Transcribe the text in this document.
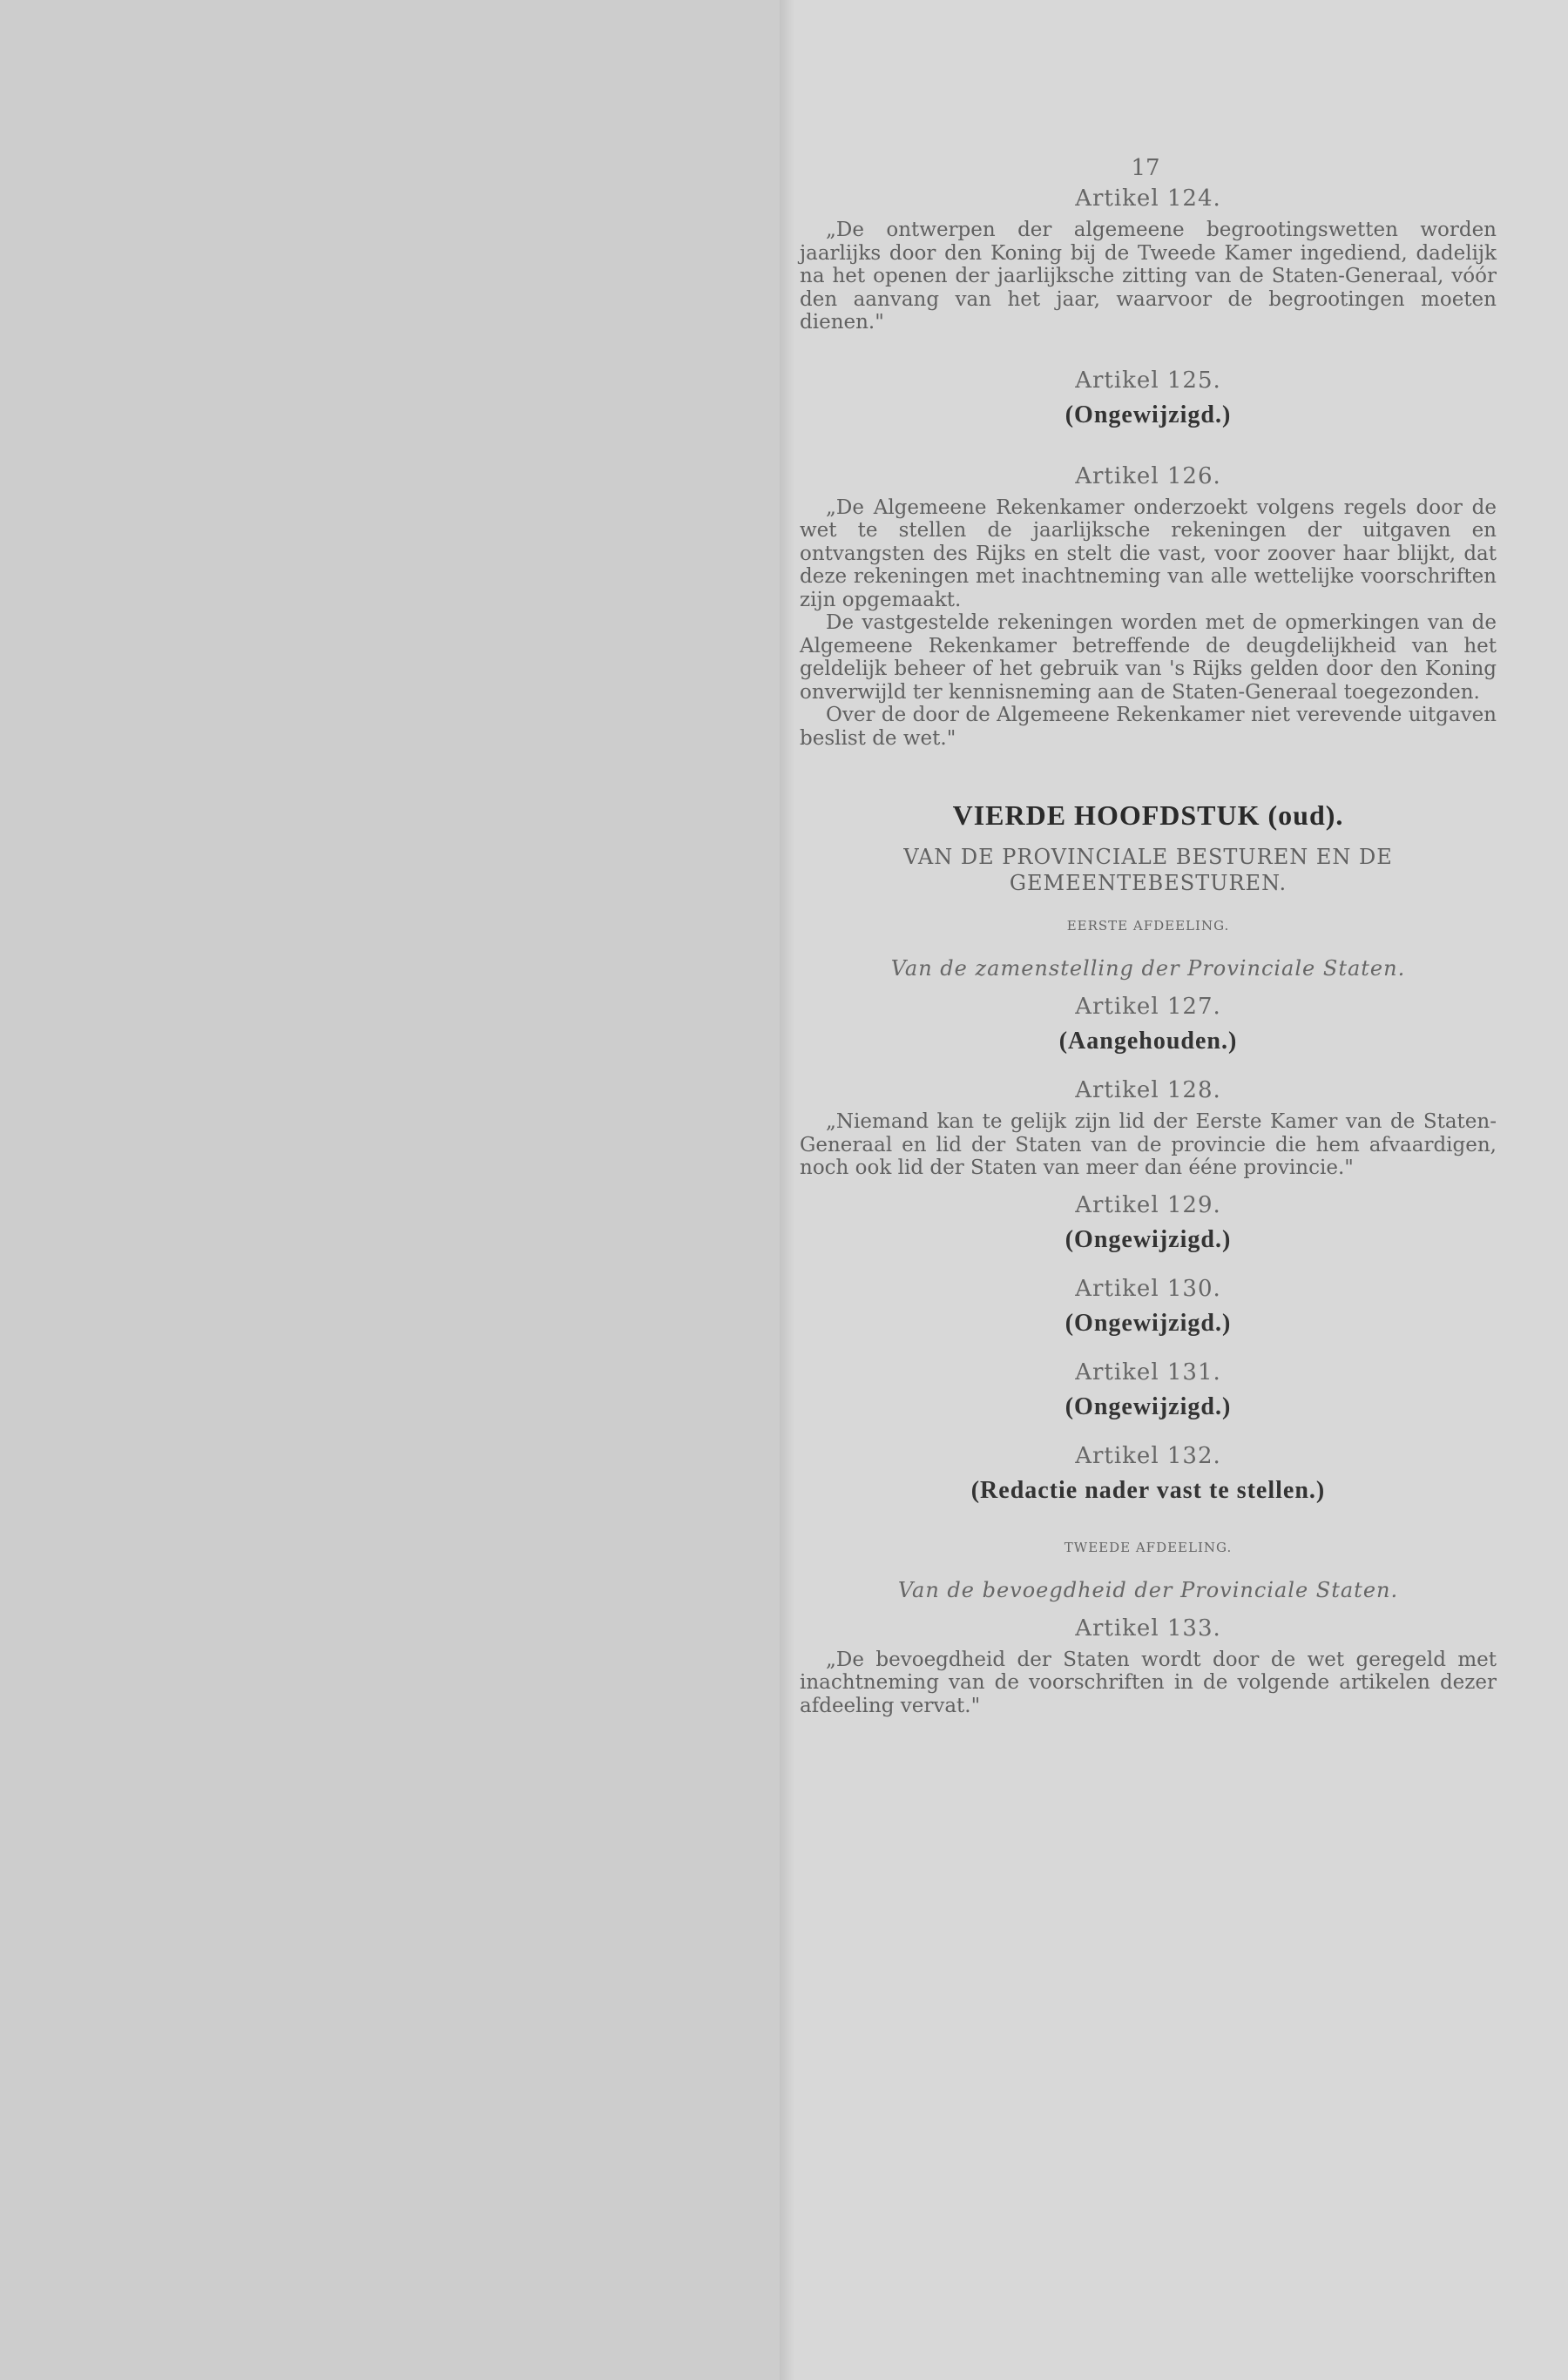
17
Artikel 124.

„De ontwerpen der algemeene begrootingswetten worden jaarlijks door den Koning bij de Tweede Kamer ingediend, dadelijk na het openen der jaarlijksche zitting van de Staten-Generaal, vóór den aanvang van het jaar, waarvoor de begrootingen moeten dienen."

Artikel 125.
(Ongewijzigd.)
Artikel 126.

„De Algemeene Rekenkamer onderzoekt volgens regels door de wet te stellen de jaarlijksche rekeningen der uitgaven en ontvangsten des Rijks en stelt die vast, voor zoover haar blijkt, dat deze rekeningen met inachtneming van alle wettelijke voorschriften zijn opgemaakt.

De vastgestelde rekeningen worden met de opmerkingen van de Algemeene Rekenkamer betreffende de deugdelijkheid van het geldelijk beheer of het gebruik van 's Rijks gelden door den Koning onverwijld ter kennisneming aan de Staten-Generaal toegezonden.

Over de door de Algemeene Rekenkamer niet verevende uitgaven beslist de wet."

VIERDE HOOFDSTUK (oud).
VAN DE PROVINCIALE BESTUREN EN DE GEMEENTEBESTUREN.
EERSTE AFDEELING.
Van de zamenstelling der Provinciale Staten.
Artikel 127.
(Aangehouden.)
Artikel 128.

„Niemand kan te gelijk zijn lid der Eerste Kamer van de Staten-Generaal en lid der Staten van de provincie die hem afvaardigen, noch ook lid der Staten van meer dan ééne provincie."

Artikel 129.
(Ongewijzigd.)
Artikel 130.
(Ongewijzigd.)
Artikel 131.
(Ongewijzigd.)
Artikel 132.
(Redactie nader vast te stellen.)
TWEEDE AFDEELING.
Van de bevoegdheid der Provinciale Staten.
Artikel 133.

„De bevoegdheid der Staten wordt door de wet geregeld met inachtneming van de voorschriften in de volgende artikelen dezer afdeeling vervat."
